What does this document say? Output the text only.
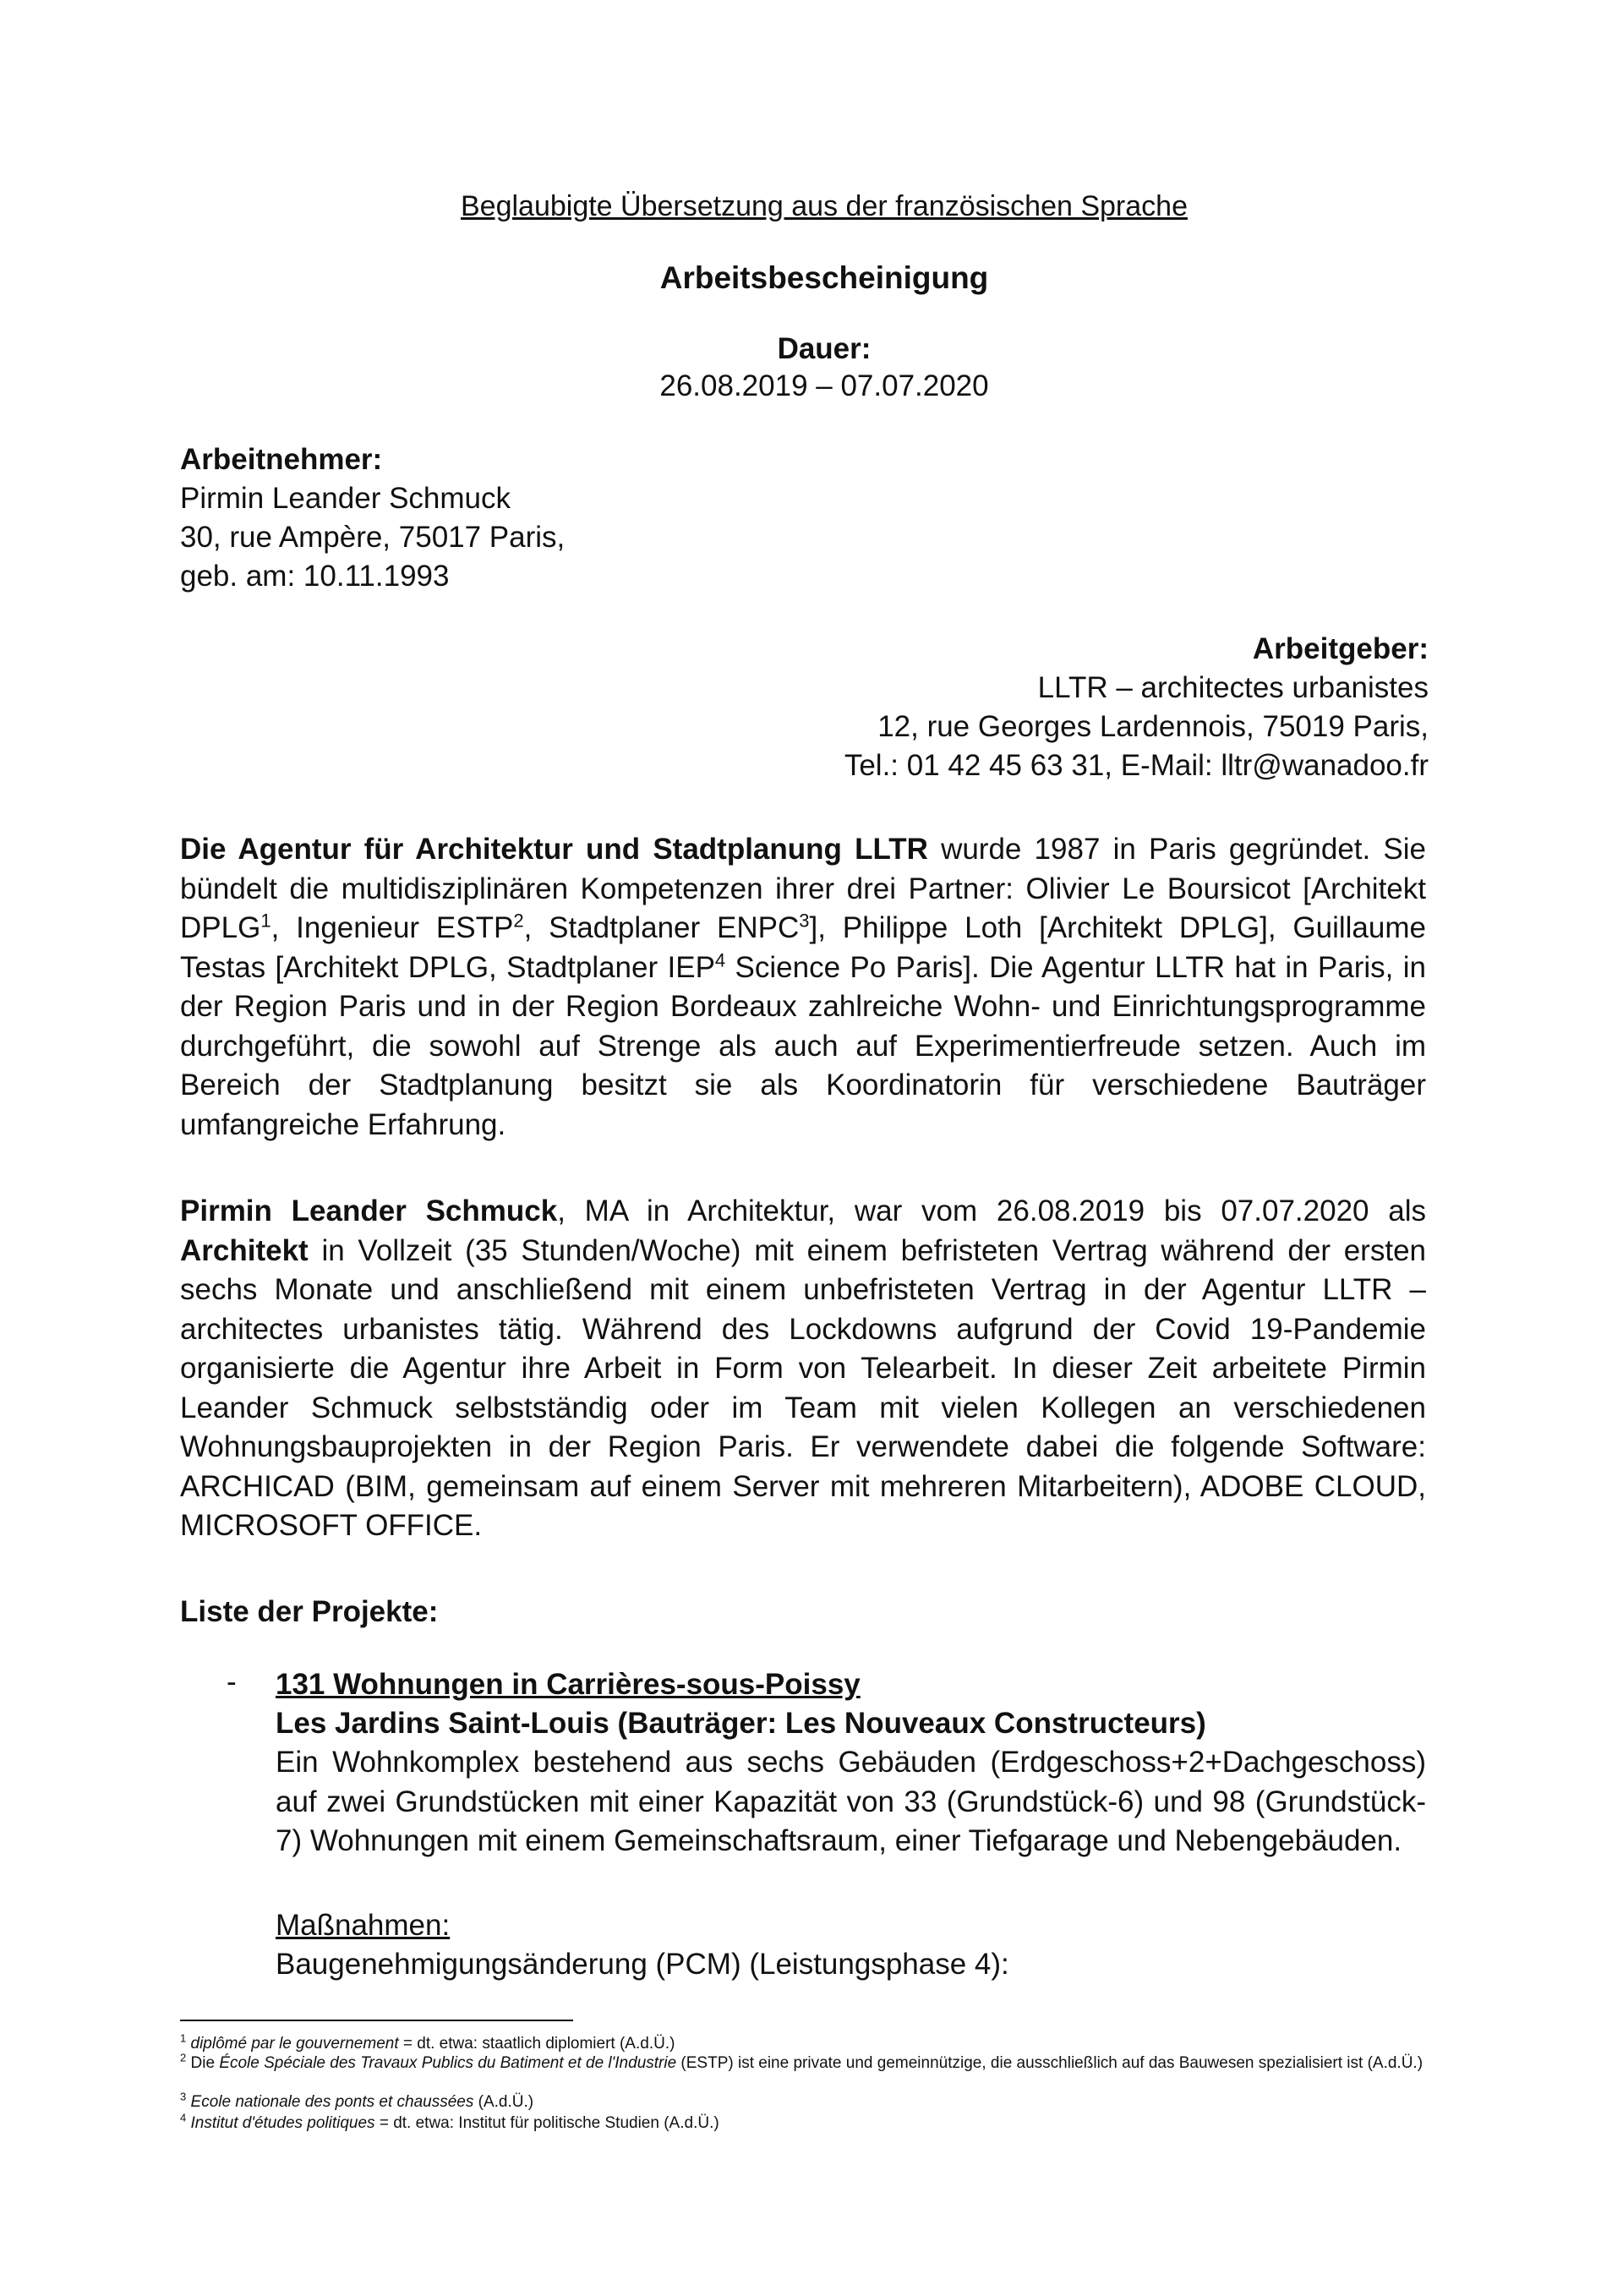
Beglaubigte Übersetzung aus der französischen Sprache
Arbeitsbescheinigung
Dauer:
26.08.2019 – 07.07.2020
Arbeitnehmer:
Pirmin Leander Schmuck
30, rue Ampère, 75017 Paris,
geb. am: 10.11.1993
Arbeitgeber:
LLTR – architectes urbanistes
12, rue Georges Lardennois, 75019 Paris,
Tel.: 01 42 45 63 31, E-Mail: lltr@wanadoo.fr
Die Agentur für Architektur und Stadtplanung LLTR wurde 1987 in Paris gegründet. Sie bündelt die multidisziplinären Kompetenzen ihrer drei Partner: Olivier Le Boursicot [Architekt DPLG$^1$, Ingenieur ESTP$^2$, Stadtplaner ENPC$^3$], Philippe Loth [Architekt DPLG], Guillaume Testas [Architekt DPLG, Stadtplaner IEP$^4$ Science Po Paris]. Die Agentur LLTR hat in Paris, in der Region Paris und in der Region Bordeaux zahlreiche Wohn- und Einrichtungsprogramme durchgeführt, die sowohl auf Strenge als auch auf Experimentierfreude setzen. Auch im Bereich der Stadtplanung besitzt sie als Koordinatorin für verschiedene Bauträger umfangreiche Erfahrung.
Pirmin Leander Schmuck, MA in Architektur, war vom 26.08.2019 bis 07.07.2020 als Architekt in Vollzeit (35 Stunden/Woche) mit einem befristeten Vertrag während der ersten sechs Monate und anschließend mit einem unbefristeten Vertrag in der Agentur LLTR – architectes urbanistes tätig. Während des Lockdowns aufgrund der Covid 19-Pandemie organisierte die Agentur ihre Arbeit in Form von Telearbeit. In dieser Zeit arbeitete Pirmin Leander Schmuck selbstständig oder im Team mit vielen Kollegen an verschiedenen Wohnungsbauprojekten in der Region Paris. Er verwendete dabei die folgende Software: ARCHICAD (BIM, gemeinsam auf einem Server mit mehreren Mitarbeitern), ADOBE CLOUD, MICROSOFT OFFICE.
Liste der Projekte:
- 131 Wohnungen in Carrières-sous-Poissy
Les Jardins Saint-Louis (Bauträger: Les Nouveaux Constructeurs)
Ein Wohnkomplex bestehend aus sechs Gebäuden (Erdgeschoss+2+Dachgeschoss) auf zwei Grundstücken mit einer Kapazität von 33 (Grundstück-6) und 98 (Grundstück-7) Wohnungen mit einem Gemeinschaftsraum, einer Tiefgarage und Nebengebäuden.
Maßnahmen:
Baugenehmigungsänderung (PCM) (Leistungsphase 4):
$^1$ diplômé par le gouvernement = dt. etwa: staatlich diplomiert (A.d.Ü.)
$^2$ Die École Spéciale des Travaux Publics du Batiment et de l'Industrie (ESTP) ist eine private und gemeinnützige, die ausschließlich auf das Bauwesen spezialisiert ist (A.d.Ü.)
$^3$ Ecole nationale des ponts et chaussées (A.d.Ü.)
$^4$ Institut d'études politiques = dt. etwa: Institut für politische Studien (A.d.Ü.)
